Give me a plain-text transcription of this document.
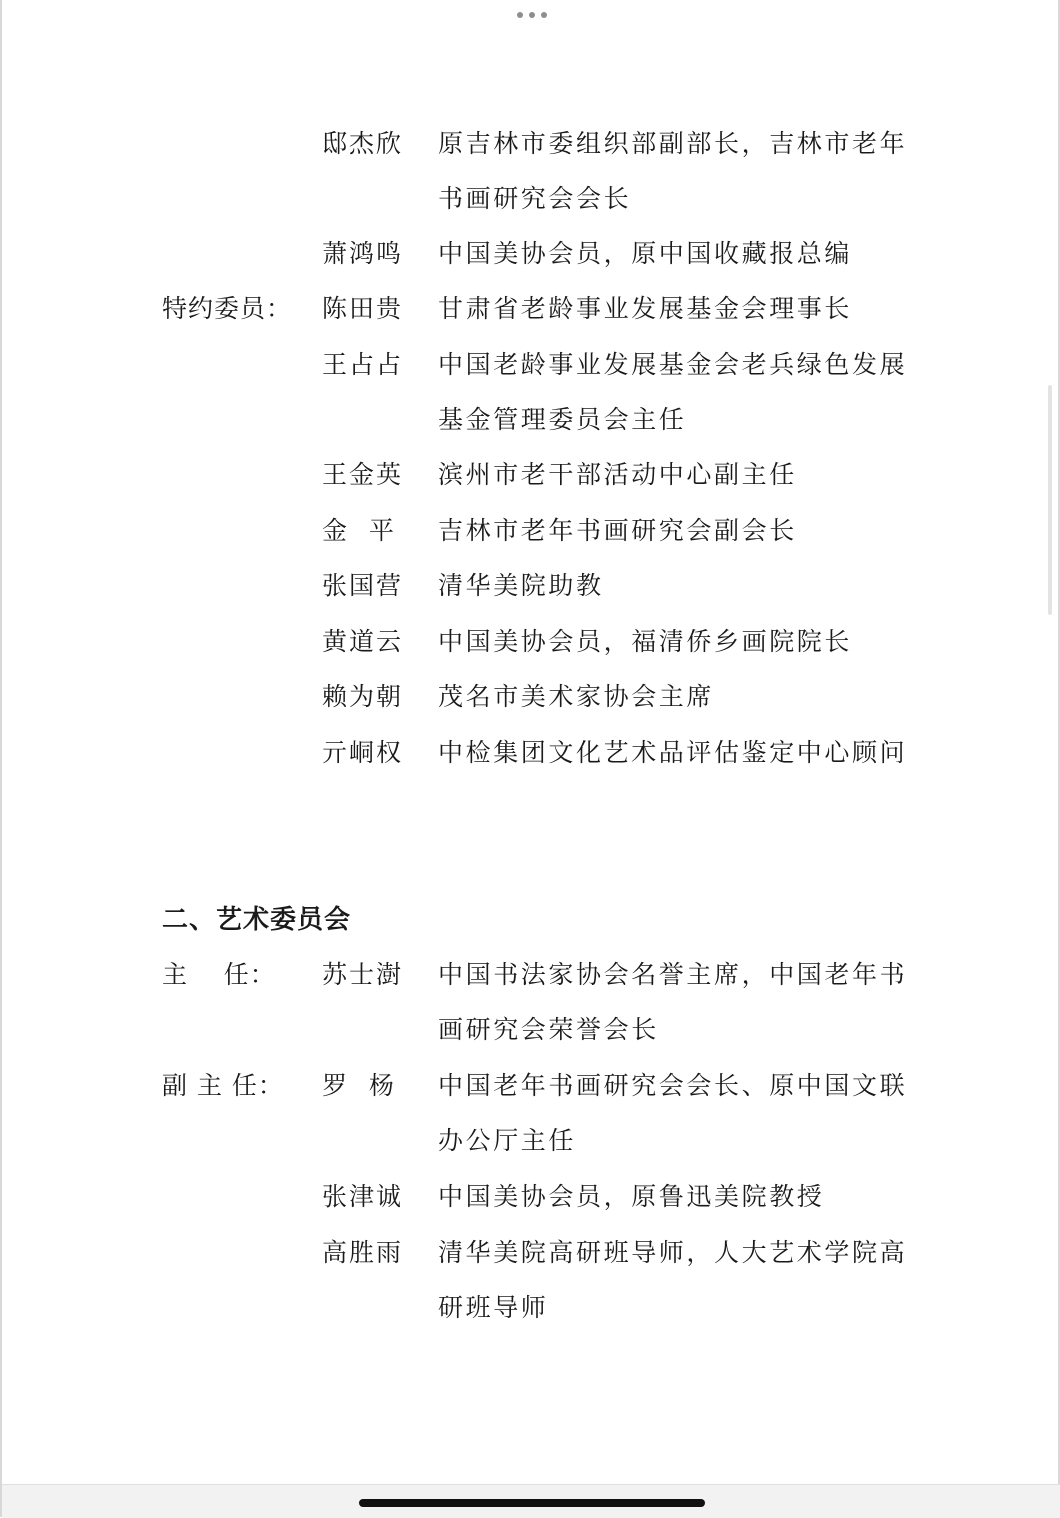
邸杰欣	原吉林市委组织部副部长，吉林市老年书画研究会会长
萧鸿鸣	中国美协会员，原中国收藏报总编
特约委员：	陈田贵	甘肃省老龄事业发展基金会理事长
王占占	中国老龄事业发展基金会老兵绿色发展基金管理委员会主任
王金英	滨州市老干部活动中心副主任
金  平	吉林市老年书画研究会副会长
张国营	清华美院助教
黄道云	中国美协会员，福清侨乡画院院长
赖为朝	茂名市美术家协会主席
亓峒权	中检集团文化艺术品评估鉴定中心顾问
二、艺术委员会
主    任：	苏士澍	中国书法家协会名誉主席，中国老年书画研究会荣誉会长
副 主 任：	罗  杨	中国老年书画研究会会长、原中国文联办公厅主任
张津诚	中国美协会员，原鲁迅美院教授
高胜雨	清华美院高研班导师，人大艺术学院高研班导师
